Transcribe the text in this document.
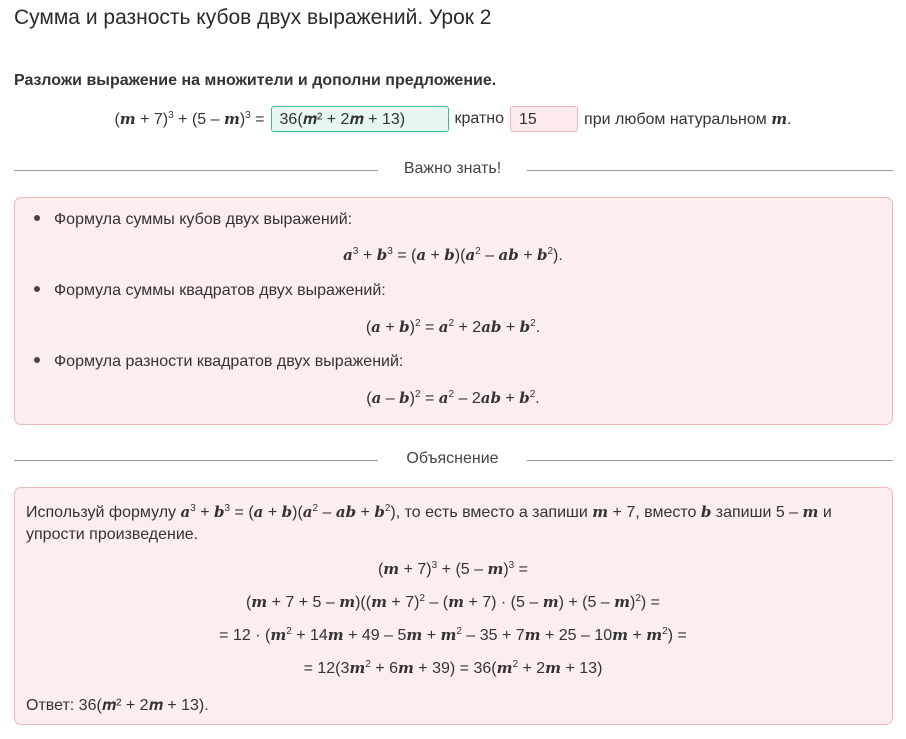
Сумма и разность кубов двух выражений. Урок 2
Разложи выражение на множители и дополни предложение.
$(m + 7)^3 + (5 - m)^3$ = 36(𝒎² + 2𝒎 + 13)	кратно 15	при любом натуральном m.
Важно знать!
Формула суммы кубов двух выражений:
$a^3 + b^3 = (a + b)(a^2$ – ab + $b^2$).
Формула суммы квадратов двух выражений:
$(a + b)^2 = a^2 + 2ab + b^2$.
Формула разности квадратов двух выражений:
$(a - b)^2 = a^2 - 2ab + b^2$.
Объяснение
Используй формулу $a^3 + b^3 = (a + b)(a^2$ – ab + $b^2$), то есть вместо а запиши m + 7, вместо b запиши 5 – m и упрости произведение.
$(m + 7)^3 + (5 - m)^3$ =
$(m + 7 + 5 - m)((m + 7)^2 - (m + 7) \cdot (5 - m) + (5 - m)^2)$ =
= $12 \cdot (m^2 + 14m + 49 - 5m + m^2 - 35 + 7m + 25 - 10m + m^2)$ =
= $12(3m^2 + 6m + 39) = 36(m^2 + 2m + 13)$
Ответ: 36(𝒎² + 2𝒎 + 13).
